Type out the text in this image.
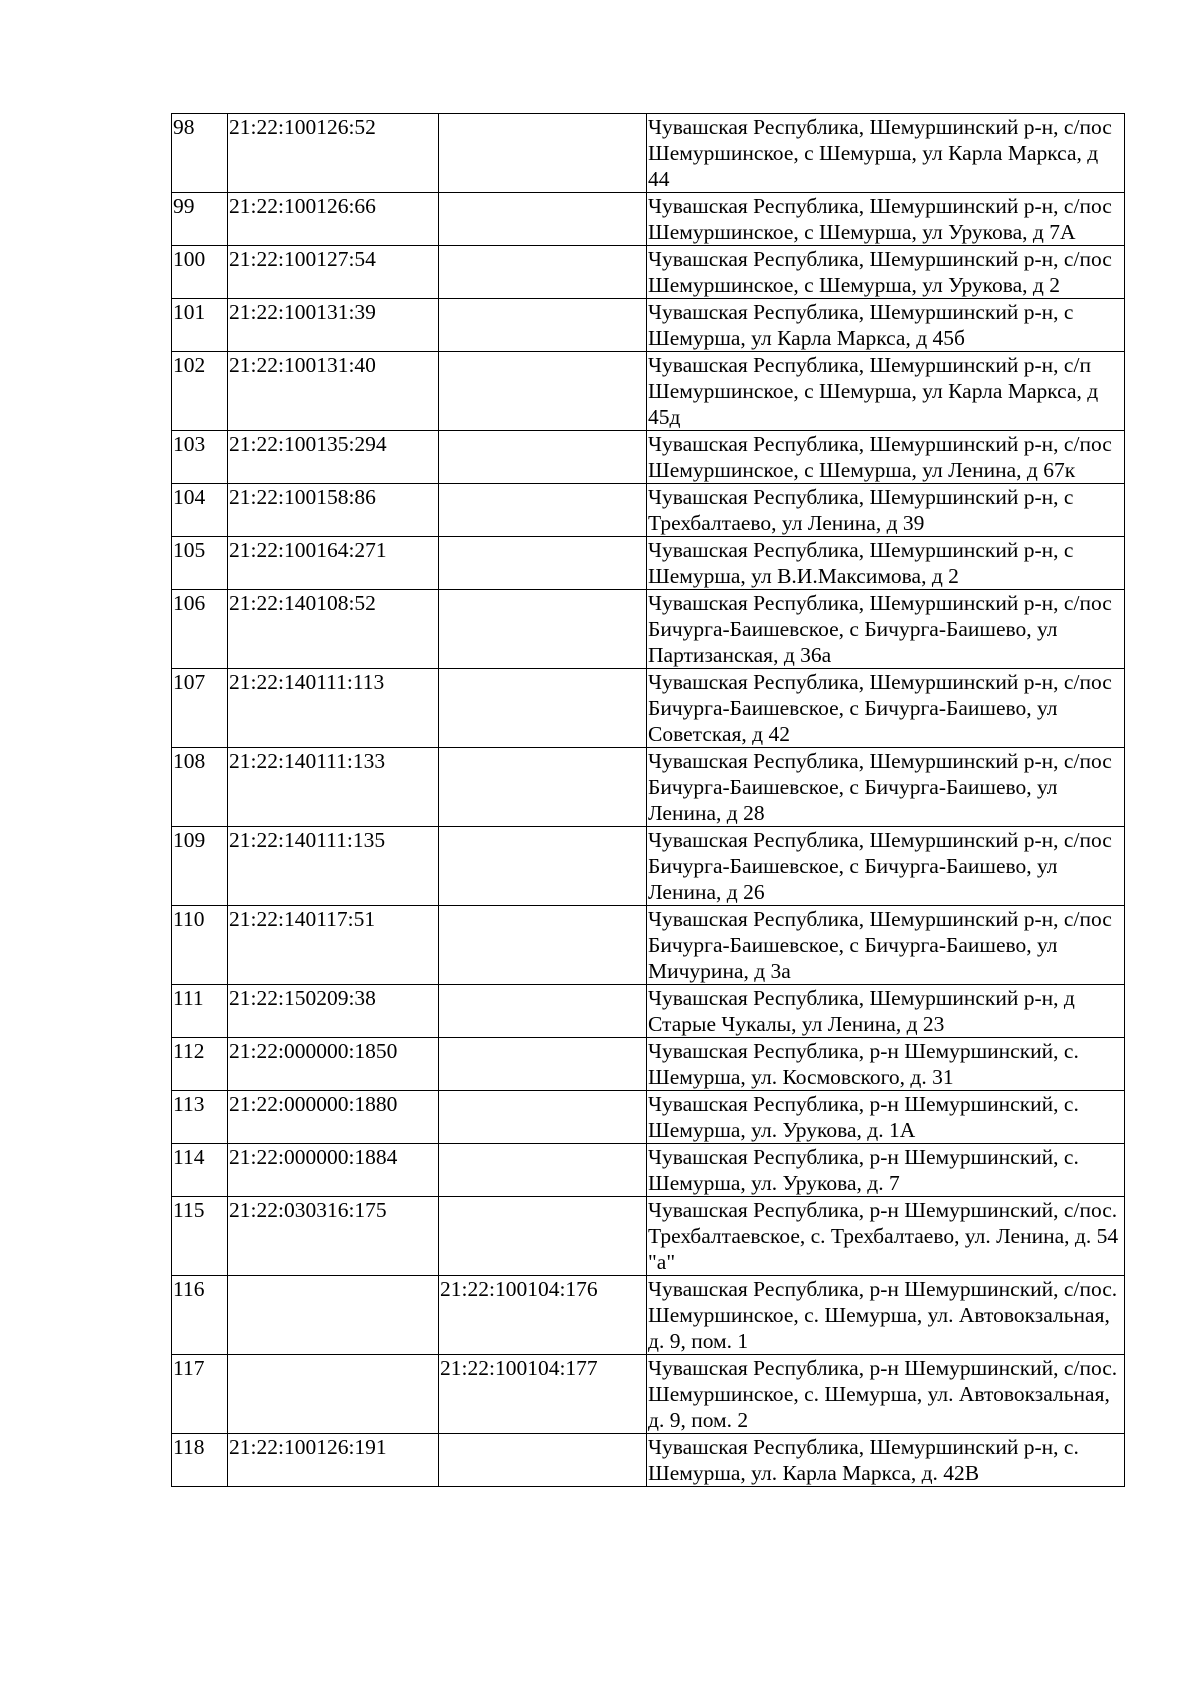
98	21:22:100126:52		Чувашская Республика, Шемуршинский р-н, с/пос Шемуршинское, с Шемурша, ул Карла Маркса, д 44
99	21:22:100126:66		Чувашская Республика, Шемуршинский р-н, с/пос Шемуршинское, с Шемурша, ул Урукова, д 7А
100	21:22:100127:54		Чувашская Республика, Шемуршинский р-н, с/пос Шемуршинское, с Шемурша, ул Урукова, д 2
101	21:22:100131:39		Чувашская Республика, Шемуршинский р-н, с Шемурша, ул Карла Маркса, д 45б
102	21:22:100131:40		Чувашская Республика, Шемуршинский р-н, с/п Шемуршинское, с Шемурша, ул Карла Маркса, д 45д
103	21:22:100135:294		Чувашская Республика, Шемуршинский р-н, с/пос Шемуршинское, с Шемурша, ул Ленина, д 67к
104	21:22:100158:86		Чувашская Республика, Шемуршинский р-н, с Трехбалтаево, ул Ленина, д 39
105	21:22:100164:271		Чувашская Республика, Шемуршинский р-н, с Шемурша, ул В.И.Максимова, д 2
106	21:22:140108:52		Чувашская Республика, Шемуршинский р-н, с/пос Бичурга-Баишевское, с Бичурга-Баишево, ул Партизанская, д 36а
107	21:22:140111:113		Чувашская Республика, Шемуршинский р-н, с/пос Бичурга-Баишевское, с Бичурга-Баишево, ул Советская, д 42
108	21:22:140111:133		Чувашская Республика, Шемуршинский р-н, с/пос Бичурга-Баишевское, с Бичурга-Баишево, ул Ленина, д 28
109	21:22:140111:135		Чувашская Республика, Шемуршинский р-н, с/пос Бичурга-Баишевское, с Бичурга-Баишево, ул Ленина, д 26
110	21:22:140117:51		Чувашская Республика, Шемуршинский р-н, с/пос Бичурга-Баишевское, с Бичурга-Баишево, ул Мичурина, д 3а
111	21:22:150209:38		Чувашская Республика, Шемуршинский р-н, д Старые Чукалы, ул Ленина, д 23
112	21:22:000000:1850		Чувашская Республика, р-н Шемуршинский, с. Шемурша, ул. Космовского, д. 31
113	21:22:000000:1880		Чувашская Республика, р-н Шемуршинский, с. Шемурша, ул. Урукова, д. 1А
114	21:22:000000:1884		Чувашская Республика, р-н Шемуршинский, с. Шемурша, ул. Урукова, д. 7
115	21:22:030316:175		Чувашская Республика, р-н Шемуршинский, с/пос. Трехбалтаевское, с. Трехбалтаево, ул. Ленина, д. 54 "а"
116		21:22:100104:176	Чувашская Республика, р-н Шемуршинский, с/пос. Шемуршинское, с. Шемурша, ул. Автовокзальная, д. 9, пом. 1
117		21:22:100104:177	Чувашская Республика, р-н Шемуршинский, с/пос. Шемуршинское, с. Шемурша, ул. Автовокзальная, д. 9, пом. 2
118	21:22:100126:191		Чувашская Республика, Шемуршинский р-н, с. Шемурша, ул. Карла Маркса, д. 42В
